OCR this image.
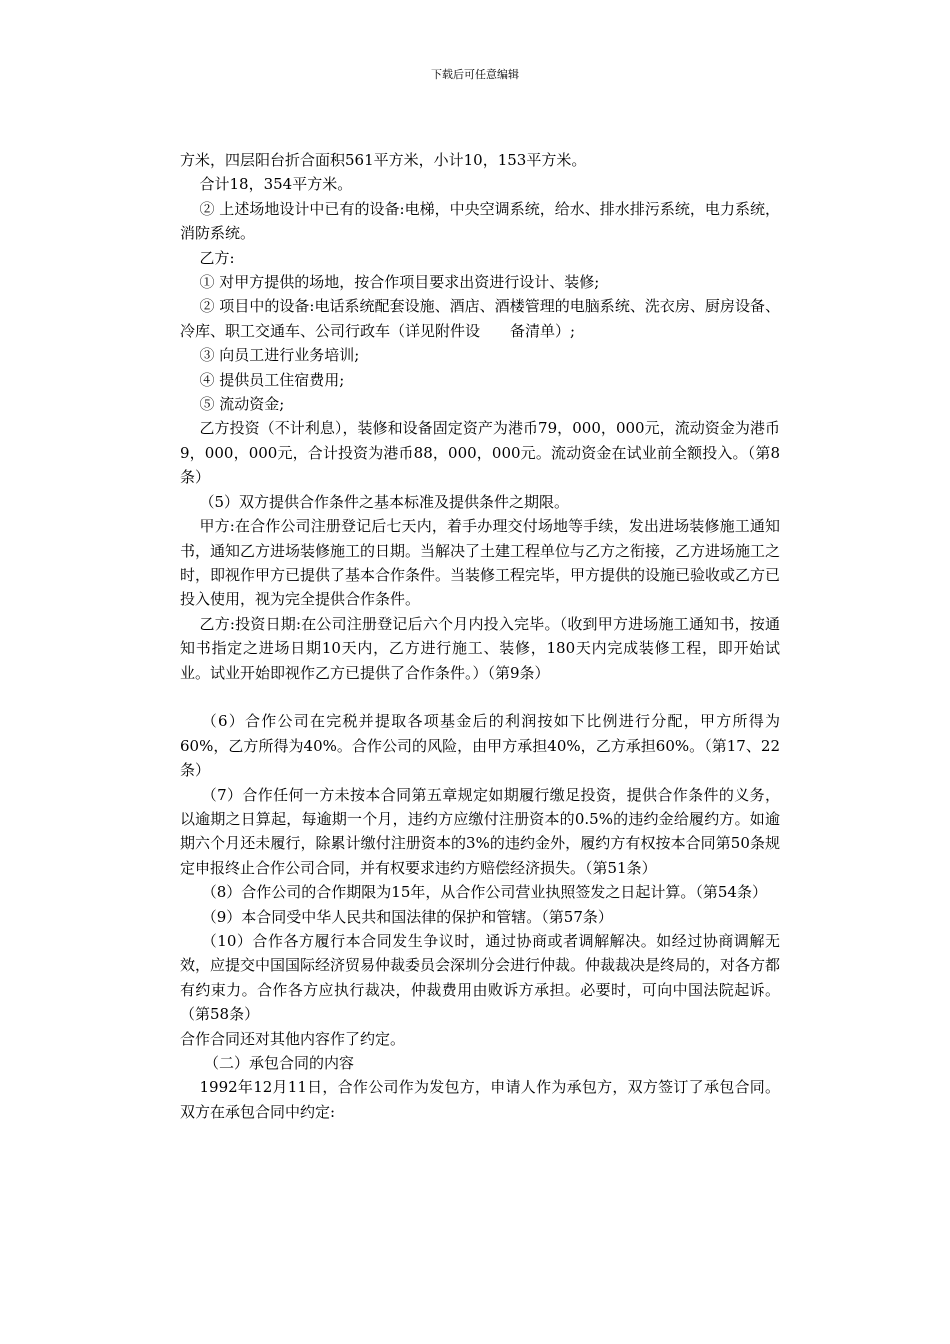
下载后可任意编辑

方米，四层阳台折合面积561平方米，小计10，153平方米。

合计18，354平方米。

② 上述场地设计中已有的设备:电梯，中央空调系统，给水、排水排污系统，电力系统，消防系统。

乙方:

① 对甲方提供的场地，按合作项目要求出资进行设计、装修;

② 项目中的设备:电话系统配套设施、酒店、酒楼管理的电脑系统、洗衣房、厨房设备、冷库、职工交通车、公司行政车（详见附件设　　备清单）;

③ 向员工进行业务培训;

④ 提供员工住宿费用;

⑤ 流动资金;

乙方投资（不计利息），装修和设备固定资产为港币79，000，000元，流动资金为港币9，000，000元，合计投资为港币88，000，000元。流动资金在试业前全额投入。（第8条）

（5）双方提供合作条件之基本标准及提供条件之期限。

甲方:在合作公司注册登记后七天内，着手办理交付场地等手续，发出进场装修施工通知书，通知乙方进场装修施工的日期。当解决了土建工程单位与乙方之衔接，乙方进场施工之时，即视作甲方已提供了基本合作条件。当装修工程完毕，甲方提供的设施已验收或乙方已投入使用，视为完全提供合作条件。

乙方:投资日期:在公司注册登记后六个月内投入完毕。（收到甲方进场施工通知书，按通知书指定之进场日期10天内，乙方进行施工、装修，180天内完成装修工程，即开始试业。试业开始即视作乙方已提供了合作条件。）（第9条）

（6）合作公司在完税并提取各项基金后的利润按如下比例进行分配，甲方所得为60%，乙方所得为40%。合作公司的风险，由甲方承担40%，乙方承担60%。（第17、22条）

（7）合作任何一方未按本合同第五章规定如期履行缴足投资，提供合作条件的义务，以逾期之日算起，每逾期一个月，违约方应缴付注册资本的0.5%的违约金给履约方。如逾期六个月还未履行，除累计缴付注册资本的3%的违约金外，履约方有权按本合同第50条规定申报终止合作公司合同，并有权要求违约方赔偿经济损失。（第51条）

（8）合作公司的合作期限为15年，从合作公司营业执照签发之日起计算。（第54条）

（9）本合同受中华人民共和国法律的保护和管辖。（第57条）

（10）合作各方履行本合同发生争议时，通过协商或者调解解决。如经过协商调解无效，应提交中国国际经济贸易仲裁委员会深圳分会进行仲裁。仲裁裁决是终局的，对各方都有约束力。合作各方应执行裁决，仲裁费用由败诉方承担。必要时，可向中国法院起诉。（第58条）

合作合同还对其他内容作了约定。

（二）承包合同的内容

1992年12月11日，合作公司作为发包方，申请人作为承包方，双方签订了承包合同。双方在承包合同中约定:
